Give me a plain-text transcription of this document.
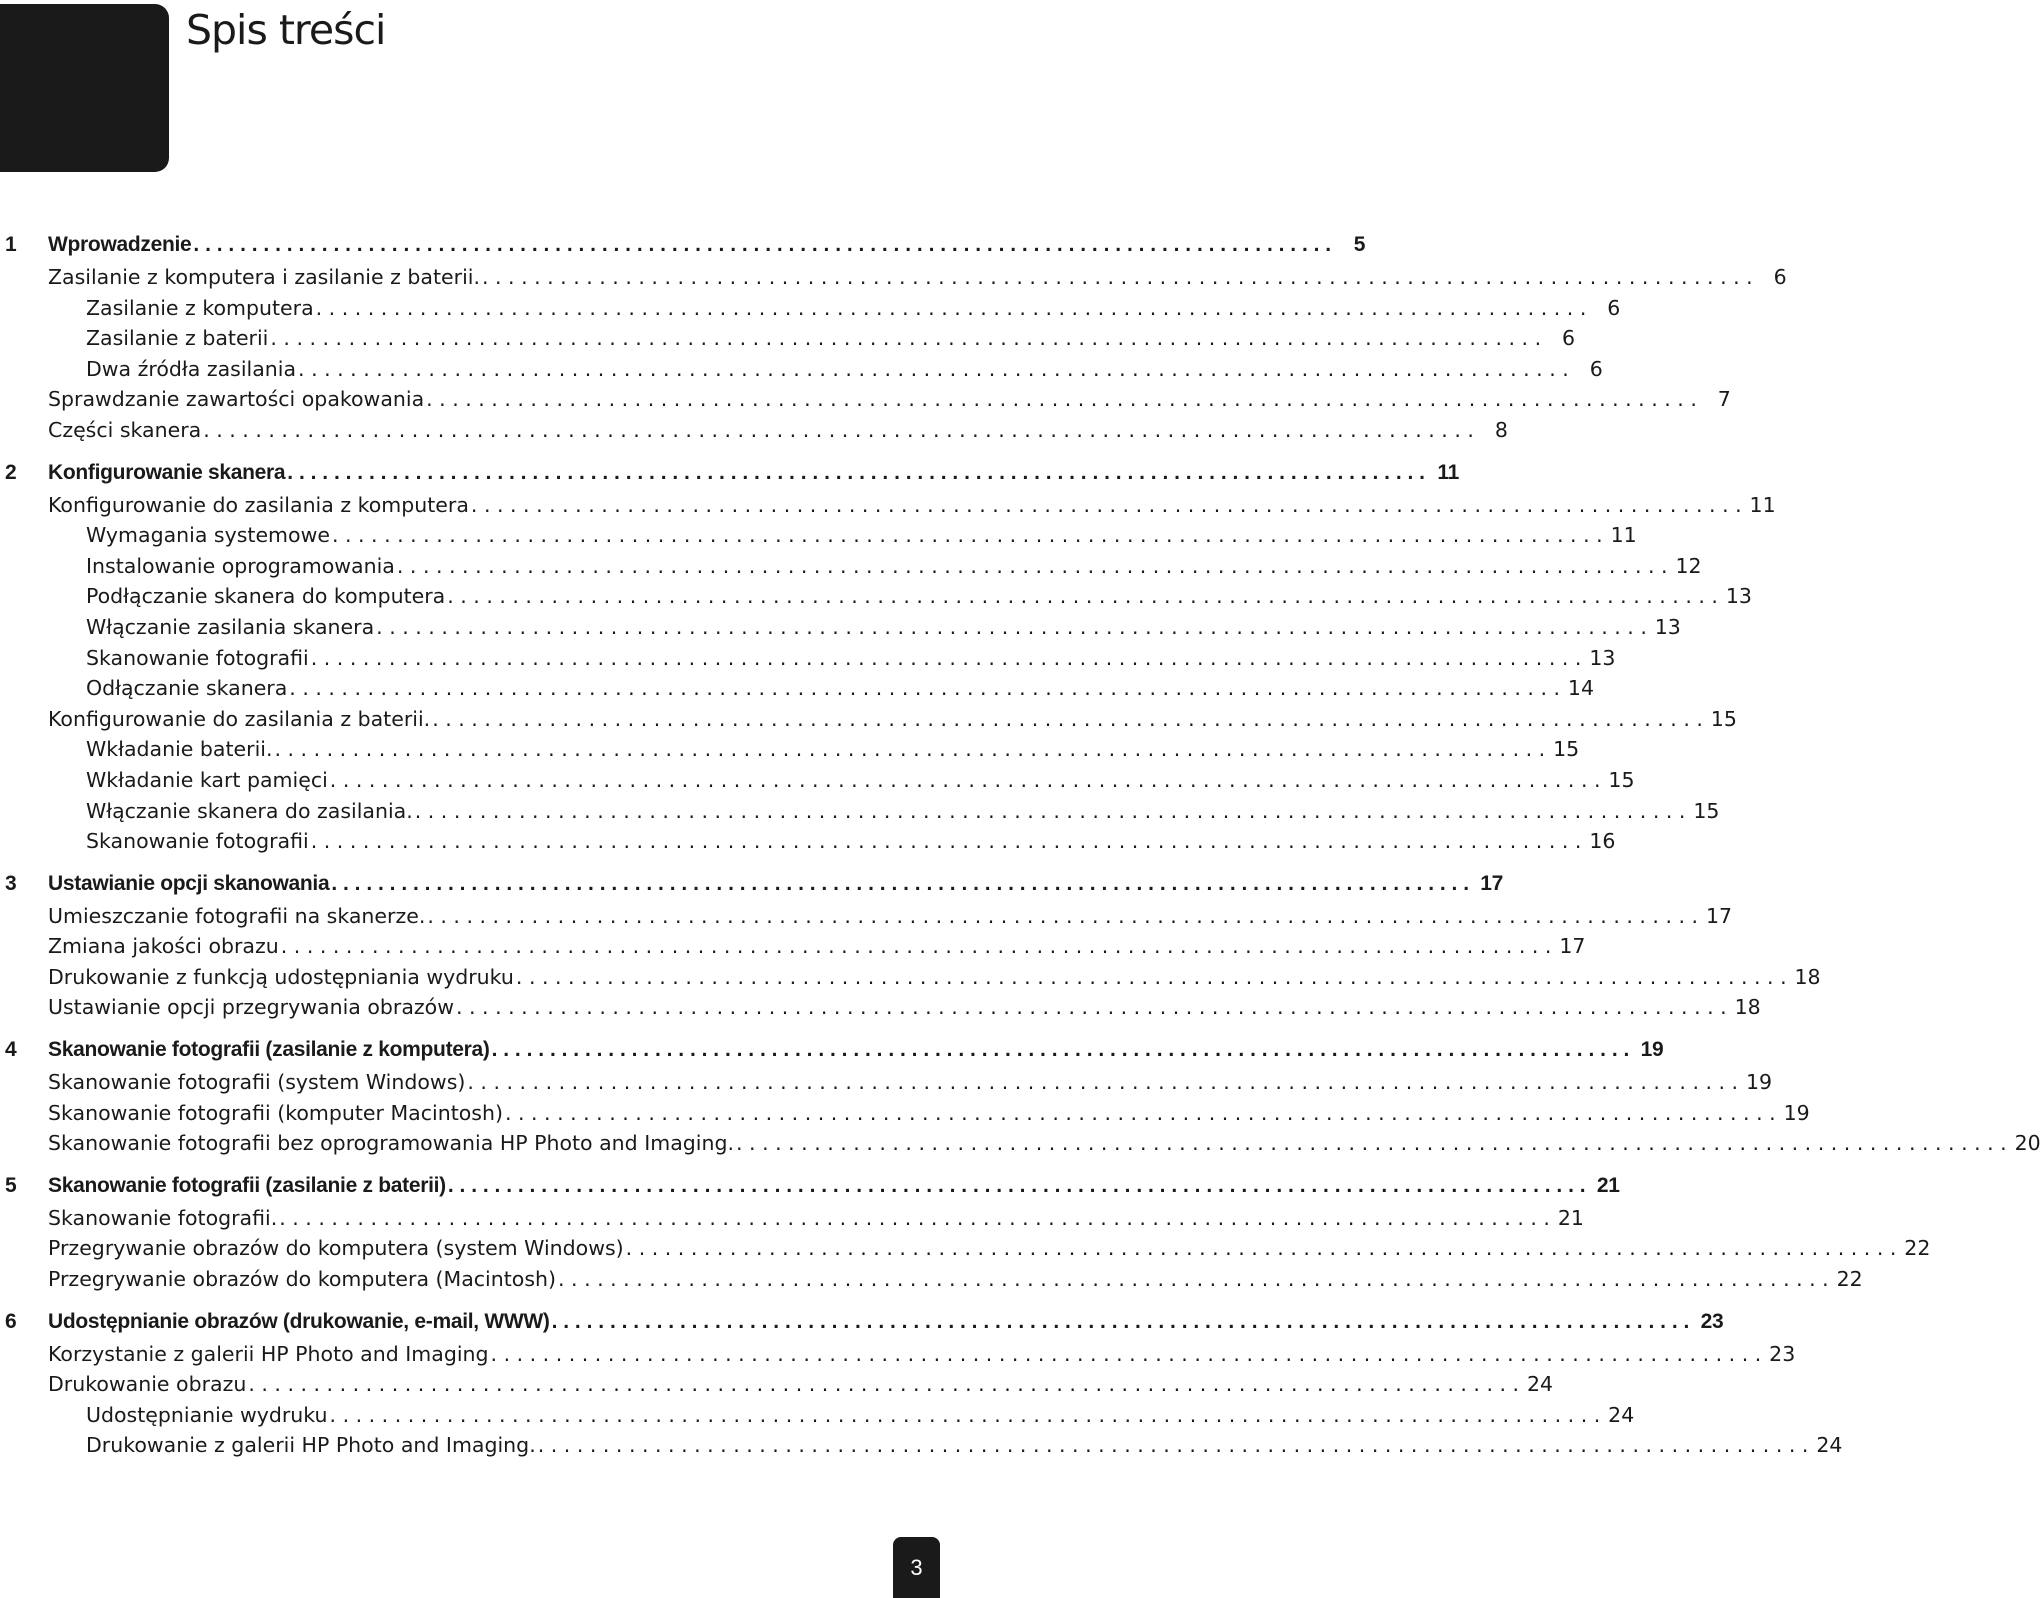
Spis treści
1 Wprowadzenie . . .	5
Zasilanie z komputera i zasilanie z baterii. . . .	6
Zasilanie z komputera . . .	6
Zasilanie z baterii . . .	6
Dwa źródła zasilania . . .	6
Sprawdzanie zawartości opakowania . . .	7
Części skanera . . .	8
2 Konfigurowanie skanera . . .	11
Konfigurowanie do zasilania z komputera . . .	11
Wymagania systemowe . . .	11
Instalowanie oprogramowania . . .	12
Podłączanie skanera do komputera . . .	13
Włączanie zasilania skanera . . .	13
Skanowanie fotografii . . .	13
Odłączanie skanera . . .	14
Konfigurowanie do zasilania z baterii. . . .	15
Wkładanie baterii. . . .	15
Wkładanie kart pamięci . . .	15
Włączanie skanera do zasilania. . . .	15
Skanowanie fotografii . . .	16
3 Ustawianie opcji skanowania . . .	17
Umieszczanie fotografii na skanerze. . . .	17
Zmiana jakości obrazu . . .	17
Drukowanie z funkcją udostępniania wydruku . . .	18
Ustawianie opcji przegrywania obrazów . . .	18
4 Skanowanie fotografii (zasilanie z komputera) . . .	19
Skanowanie fotografii (system Windows) . . .	19
Skanowanie fotografii (komputer Macintosh) . . .	19
Skanowanie fotografii bez oprogramowania HP Photo and Imaging. . . .	20
5 Skanowanie fotografii (zasilanie z baterii) . . .	21
Skanowanie fotografii. . . .	21
Przegrywanie obrazów do komputera (system Windows) . . .	22
Przegrywanie obrazów do komputera (Macintosh) . . .	22
6 Udostępnianie obrazów (drukowanie, e-mail, WWW) . . .	23
Korzystanie z galerii HP Photo and Imaging . . .	23
Drukowanie obrazu . . .	24
Udostępnianie wydruku . . .	24
Drukowanie z galerii HP Photo and Imaging. . . .	24
3
